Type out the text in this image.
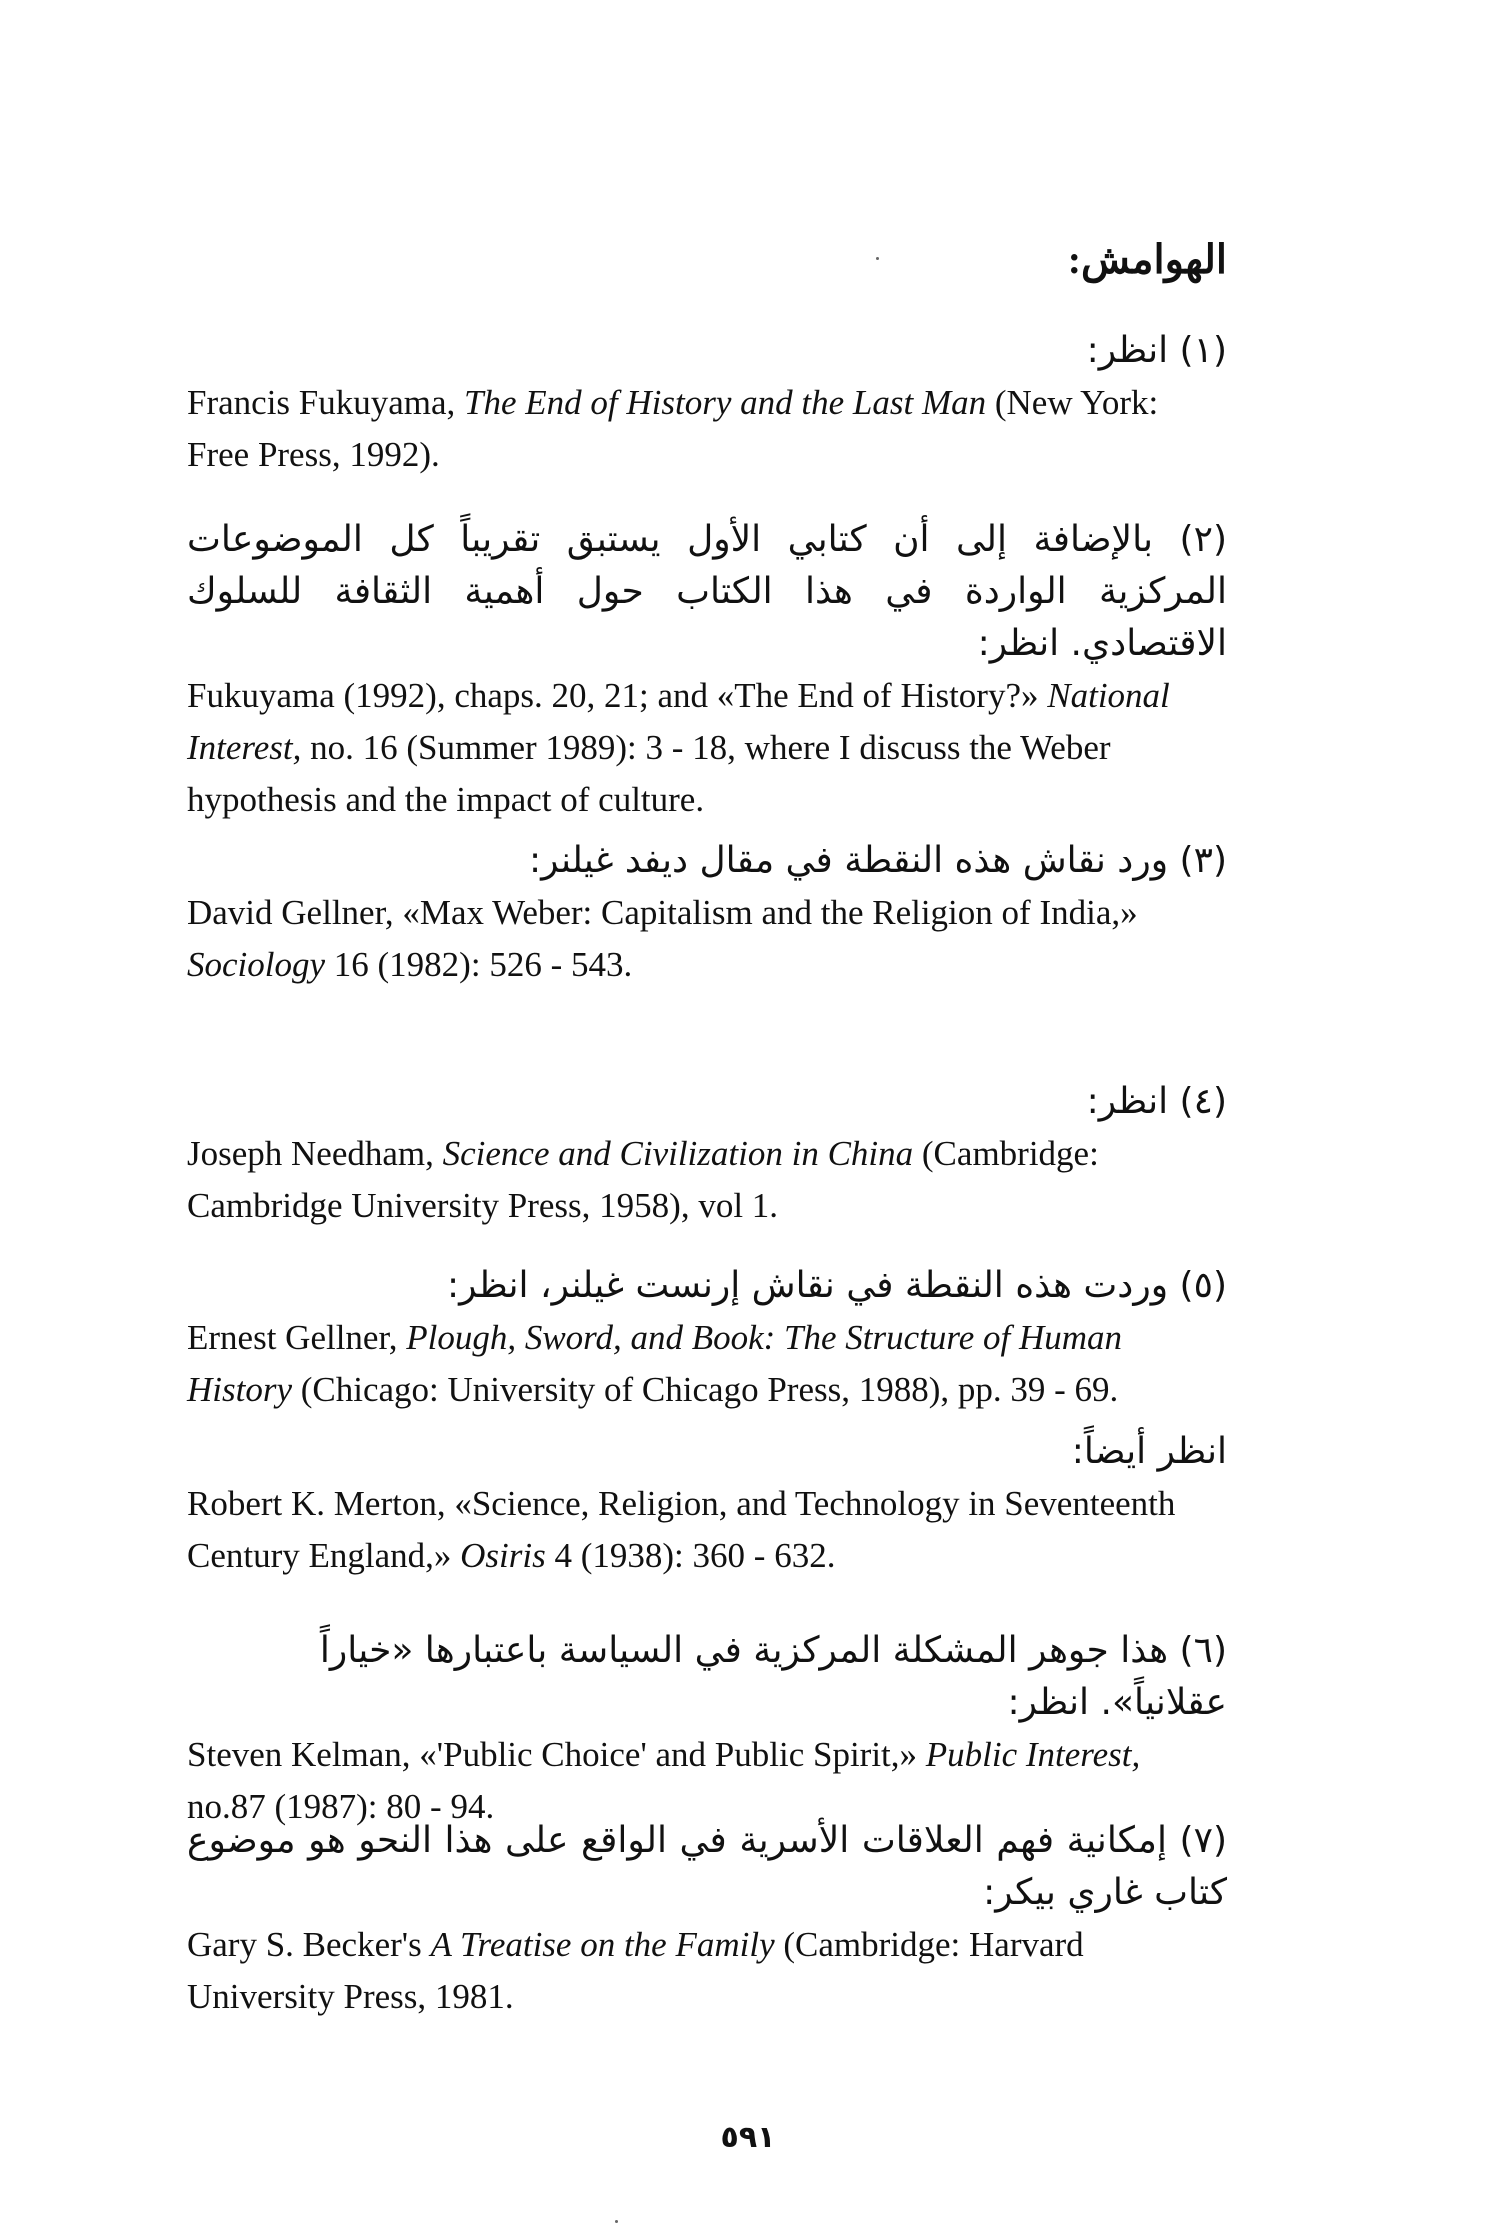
الهوامش:
(١) انظر:
Francis Fukuyama, The End of History and the Last Man (New York: Free Press, 1992).
(٢) بالإضافة إلى أن كتابي الأول يستبق تقريباً كل الموضوعات المركزية الواردة في هذا الكتاب حول أهمية الثقافة للسلوك الاقتصادي. انظر:
Fukuyama (1992), chaps. 20, 21; and «The End of History?» National Interest, no. 16 (Summer 1989): 3 - 18, where I discuss the Weber hypothesis and the impact of culture.
(٣) ورد نقاش هذه النقطة في مقال ديفد غيلنر:
David Gellner, «Max Weber: Capitalism and the Religion of India,» Sociology 16 (1982): 526 - 543.
(٤) انظر:
Joseph Needham, Science and Civilization in China (Cambridge: Cambridge University Press, 1958), vol 1.
(٥) وردت هذه النقطة في نقاش إرنست غيلنر، انظر:
Ernest Gellner, Plough, Sword, and Book: The Structure of Human History (Chicago: University of Chicago Press, 1988), pp. 39 - 69.
انظر أيضاً:
Robert K. Merton, «Science, Religion, and Technology in Seventeenth Century England,» Osiris 4 (1938): 360 - 632.
(٦) هذا جوهر المشكلة المركزية في السياسة باعتبارها «خياراً عقلانياً». انظر:
Steven Kelman, «'Public Choice' and Public Spirit,» Public Interest, no.87 (1987): 80 - 94.
(٧) إمكانية فهم العلاقات الأسرية في الواقع على هذا النحو هو موضوع كتاب غاري بيكر:
Gary S. Becker's A Treatise on the Family (Cambridge: Harvard University Press, 1981.
٥٩١
